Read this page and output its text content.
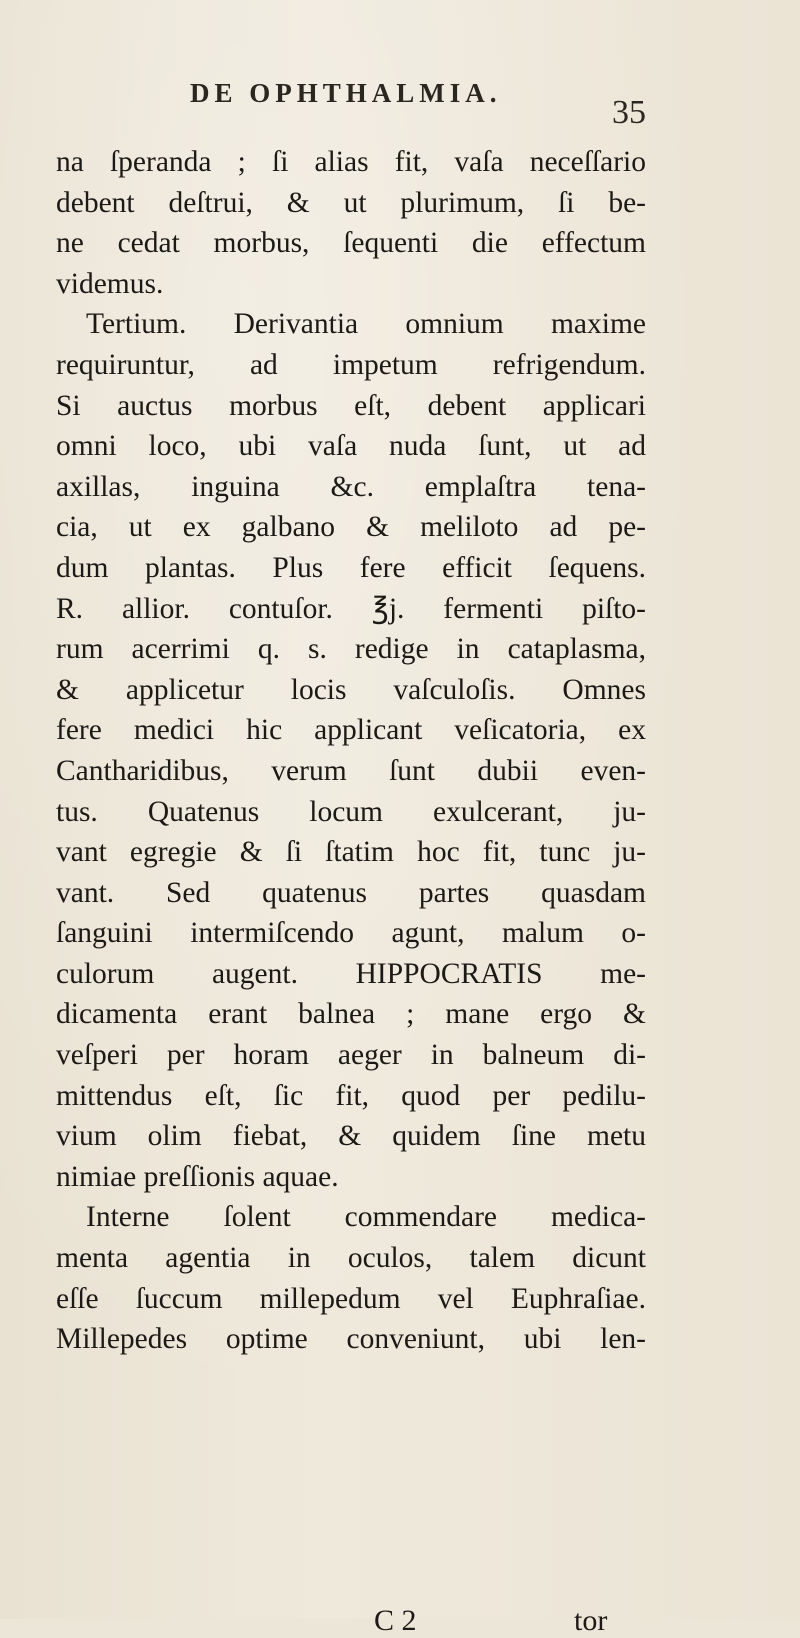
DE OPHTHALMIA.
35
na ſperanda ; ſi alias fit, vaſa neceſſario
debent deſtrui, & ut plurimum, ſi be-
ne cedat morbus, ſequenti die effectum
videmus.
Tertium. Derivantia omnium maxime
requiruntur, ad impetum refrigendum.
Si auctus morbus eſt, debent applicari
omni loco, ubi vaſa nuda ſunt, ut ad
axillas, inguina &c. emplaſtra tena-
cia, ut ex galbano & meliloto ad pe-
dum plantas. Plus fere efficit ſequens.
R. allior. contuſor. ℥j. fermenti piſto-
rum acerrimi q. s. redige in cataplasma,
& applicetur locis vaſculoſis. Omnes
fere medici hic applicant veſicatoria, ex
Cantharidibus, verum ſunt dubii even-
tus. Quatenus locum exulcerant, ju-
vant egregie & ſi ſtatim hoc fit, tunc ju-
vant. Sed quatenus partes quasdam
ſanguini intermiſcendo agunt, malum o-
culorum augent. HIPPOCRATIS me-
dicamenta erant balnea ; mane ergo &
veſperi per horam aeger in balneum di-
mittendus eſt, ſic fit, quod per pedilu-
vium olim fiebat, & quidem ſine metu
nimiae preſſionis aquae.
Interne ſolent commendare medica-
menta agentia in oculos, talem dicunt
eſſe ſuccum millepedum vel Euphraſiae.
Millepedes optime conveniunt, ubi len-
C 2	tor
